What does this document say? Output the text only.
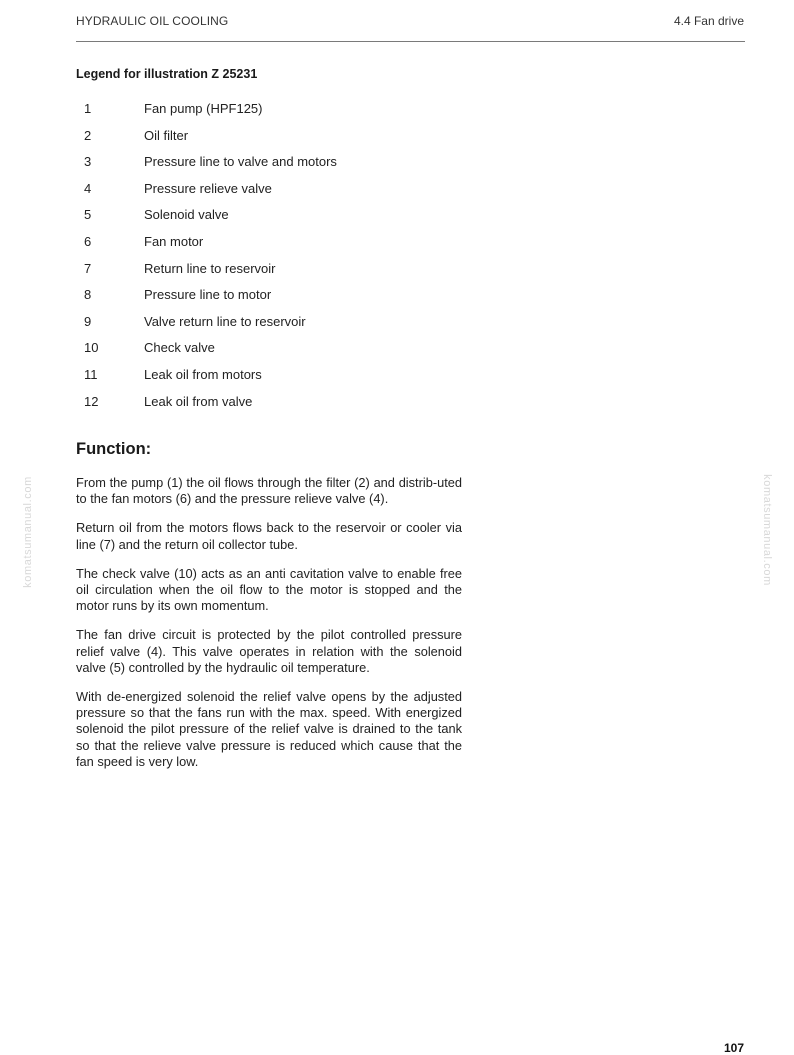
HYDRAULIC OIL COOLING	4.4 Fan drive
Legend for illustration Z 25231
1	Fan pump (HPF125)
2	Oil filter
3	Pressure line to valve and motors
4	Pressure relieve valve
5	Solenoid valve
6	Fan motor
7	Return line to reservoir
8	Pressure line to motor
9	Valve return line to reservoir
10	Check valve
11	Leak oil from motors
12	Leak oil from valve
Function:

From the pump (1) the oil flows through the filter (2) and distrib-uted to the fan motors (6) and the pressure relieve valve (4).

Return oil from the motors flows back to the reservoir or cooler via line (7) and the return oil collector tube.

The check valve (10) acts as an anti cavitation valve to enable free oil circulation when the oil flow to the motor is stopped and the motor runs by its own momentum.

The fan drive circuit is protected by the pilot controlled pressure relief valve (4). This valve operates in relation with the solenoid valve (5) controlled by the hydraulic oil temperature.

With de-energized solenoid the relief valve opens by the adjusted pressure so that the fans run with the max. speed. With energized solenoid the pilot pressure of the relief valve is drained to the tank so that the relieve valve pressure is reduced which cause that the fan speed is very low.

komatsumanual.com	komatsumanual.com
107
